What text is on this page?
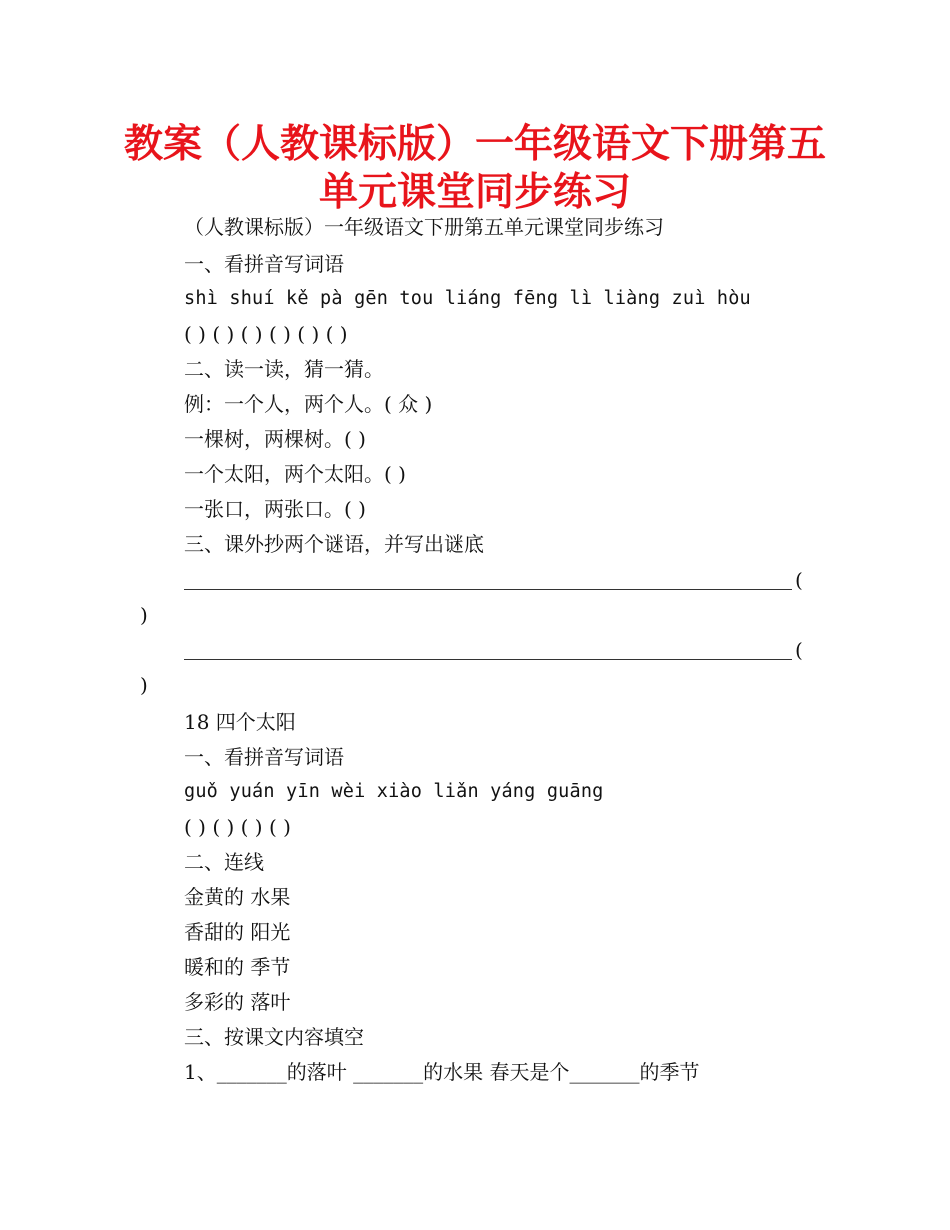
教案（人教课标版）一年级语文下册第五
单元课堂同步练习
（人教课标版）一年级语文下册第五单元课堂同步练习
一、看拼音写词语
shì shuí kě pà gēn tou liáng fēng lì liàng zuì hòu
( ) ( ) ( ) ( ) ( ) ( )
二、读一读，猜一猜。
例：一个人，两个人。( 众 )
一棵树，两棵树。( )
一个太阳，两个太阳。( )
一张口，两张口。( )
三、课外抄两个谜语，并写出谜底
(
)
(
)
18 四个太阳
一、看拼音写词语
guǒ yuán yīn wèi xiào liǎn yáng guāng
( ) ( ) ( ) ( )
二、连线
金黄的 水果
香甜的 阳光
暖和的 季节
多彩的 落叶
三、按课文内容填空
1、_______的落叶 _______的水果 春天是个_______的季节
